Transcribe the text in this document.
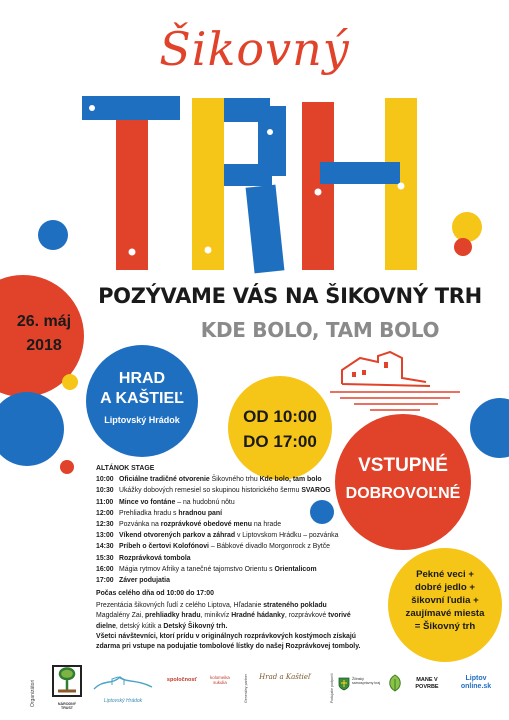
Šikovný
POZÝVAME VÁS NA ŠIKOVNÝ TRH
KDE BOLO, TAM BOLO
26. máj
2018
HRAD
A KAŠTIEĽ
Liptovský Hrádok	OD 10:00
DO 17:00
VSTUPNÉ
DOBROVOĽNÉ
Pekné veci +
dobré jedlo +
šikovní ľudia +
zaujímavé miesta
= Šikovný trh
ALTÁNOK STAGE
10:00 Oficiálne tradičné otvorenie Šikovného trhu Kde bolo, tam bolo
10:30 Ukážky dobových remesiel so skupinou historického šermu SVAROG
11:00 Mince vo fontáne – na hudobnú nôtu
12:00 Prehliadka hradu s hradnou paní
12:30 Pozvánka na rozprávkové obedové menu na hrade
13:00 Víkend otvorených parkov a záhrad v Liptovskom Hrádku – pozvánka
14:30 Príbeh o čertovi Kolofónovi – Bábkové divadlo Morgonrock z Bytče
15:30 Rozprávková tombola
16:00 Mágia rytmov Afriky a tanečné tajomstvo Orientu s Orientalicom
17:00 Záver podujatia
Počas celého dňa od 10:00 do 17:00
Prezentácia šikovných ľudí z celého Liptova, Hľadanie strateného pokladu Magdalény Zai, prehliadky hradu, minikvíz Hradné hádanky, rozprávkové tvorivé dielne, detský kútik a Detský Šikovný trh.
Všetci návštevníci, ktorí prídu v originálnych rozprávkových kostýmoch získajú zdarma pri vstupe na podujatie tombolové lístky do našej Rozprávkovej tomboly.
Organizátori	NÁRODNÝ TRUST
Liptovský Hrádok
spoločnosť	kolomeika sukulia	Generálny partner	Hrad a Kaštieľ	Podujatie podporili	Žilinský samosprávny kraj	MANE V POVRBE
Liptov online.sk
